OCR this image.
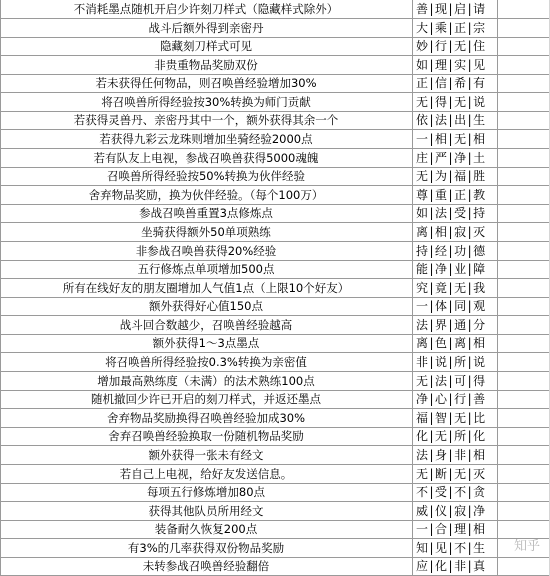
不消耗墨点随机开启少许刻刀样式（隐藏样式除外）	善|现|启|请
战斗后额外得到亲密丹	大|乘|正|宗
隐藏刻刀样式可见	妙|行|无|住
非贵重物品奖励双份	如|理|实|见
若未获得任何物品，则召唤兽经验增加30%	正|信|希|有
将召唤兽所得经验按30%转换为师门贡献	无|得|无|说
若获得灵兽丹、亲密丹其中一个，额外获得其余一个	依|法|出|生
若获得九彩云龙珠则增加坐骑经验2000点	一|相|无|相
若有队友上电视，参战召唤兽获得5000魂魄	庄|严|净|土
召唤兽所得经验按50%转换为伙伴经验	无|为|福|胜
舍弃物品奖励，换为伙伴经验。（每个100万）	尊|重|正|教
参战召唤兽重置3点修炼点	如|法|受|持
坐骑获得额外50单项熟练	离|相|寂|灭
非参战召唤兽获得20%经验	持|经|功|德
五行修炼点单项增加500点	能|净|业|障
所有在线好友的朋友圈增加人气值1点（上限10个好友）	究|竟|无|我
额外获得好心值150点	一|体|同|观
战斗回合数越少，召唤兽经验越高	法|界|通|分
额外获得1～3点墨点	离|色|离|相
将召唤兽所得经验按0.3%转换为亲密值	非|说|所|说
增加最高熟练度（未满）的法术熟练100点	无|法|可|得
随机撤回少许已开启的刻刀样式，并返还墨点	净|心|行|善
舍弃物品奖励换得召唤兽经验加成30%	福|智|无|比
舍弃召唤兽经验换取一份随机物品奖励	化|无|所|化
额外获得一张未有经文	法|身|非|相
若自己上电视，给好友发送信息。	无|断|无|灭
每项五行修炼增加80点	不|受|不|贪
获得其他队员所用经文	威|仪|寂|净
装备耐久恢复200点	一|合|理|相
有3%的几率获得双份物品奖励	知|见|不|生
未转参战召唤兽经验翻倍	应|化|非|真
知乎
